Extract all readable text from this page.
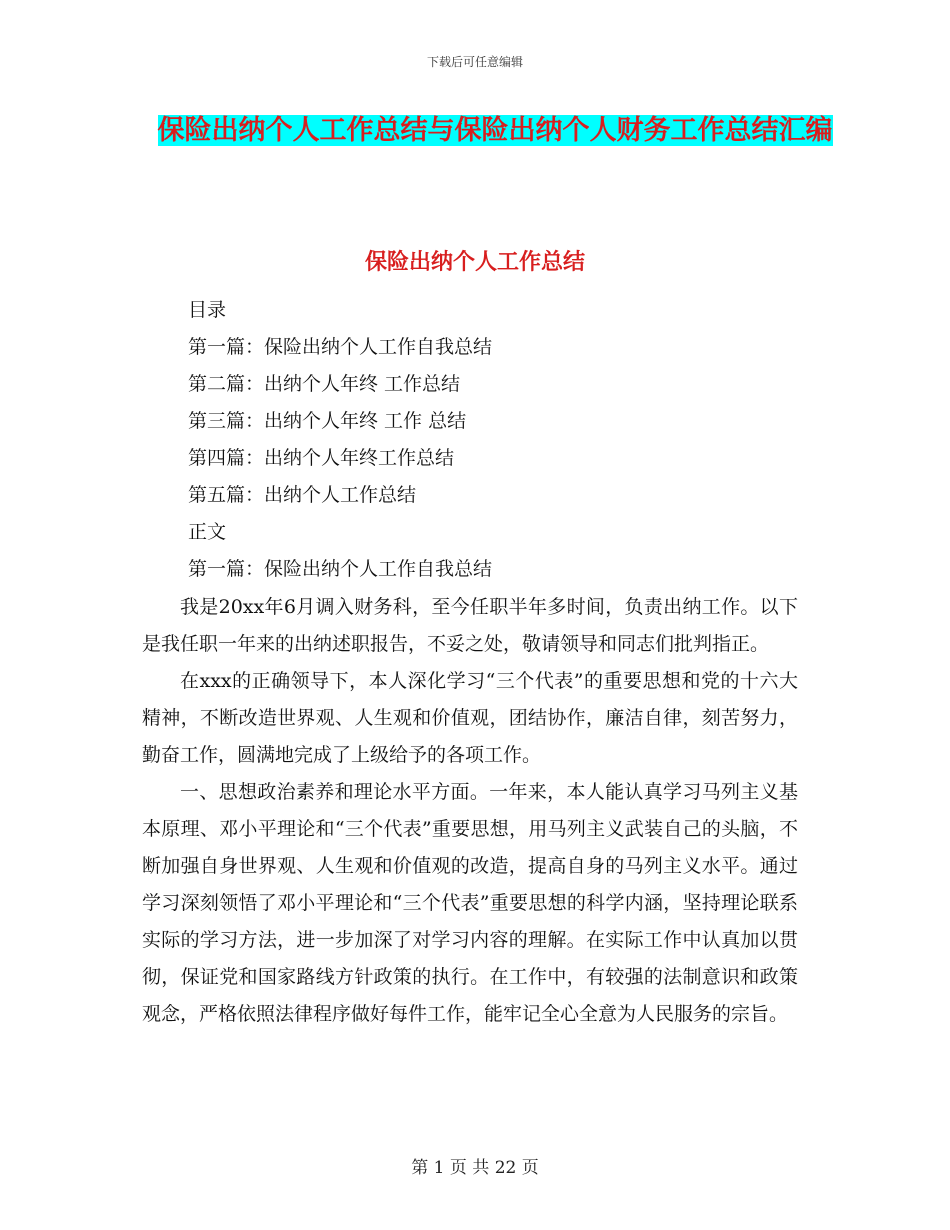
下载后可任意编辑
保险出纳个人工作总结与保险出纳个人财务工作总结汇编
保险出纳个人工作总结
目录
第一篇：保险出纳个人工作自我总结
第二篇：出纳个人年终 工作总结
第三篇：出纳个人年终 工作 总结
第四篇：出纳个人年终工作总结
第五篇：出纳个人工作总结
正文
第一篇：保险出纳个人工作自我总结

我是20xx年6月调入财务科，至今任职半年多时间，负责出纳工作。以下是我任职一年来的出纳述职报告，不妥之处，敬请领导和同志们批判指正。

在xxx的正确领导下，本人深化学习“三个代表”的重要思想和党的十六大精神，不断改造世界观、人生观和价值观，团结协作，廉洁自律，刻苦努力，勤奋工作，圆满地完成了上级给予的各项工作。

一、思想政治素养和理论水平方面。一年来，本人能认真学习马列主义基本原理、邓小平理论和“三个代表”重要思想，用马列主义武装自己的头脑，不断加强自身世界观、人生观和价值观的改造，提高自身的马列主义水平。通过学习深刻领悟了邓小平理论和“三个代表”重要思想的科学内涵，坚持理论联系实际的学习方法，进一步加深了对学习内容的理解。在实际工作中认真加以贯彻，保证党和国家路线方针政策的执行。在工作中，有较强的法制意识和政策观念，严格依照法律程序做好每件工作，能牢记全心全意为人民服务的宗旨。

第 1 页 共 22 页
